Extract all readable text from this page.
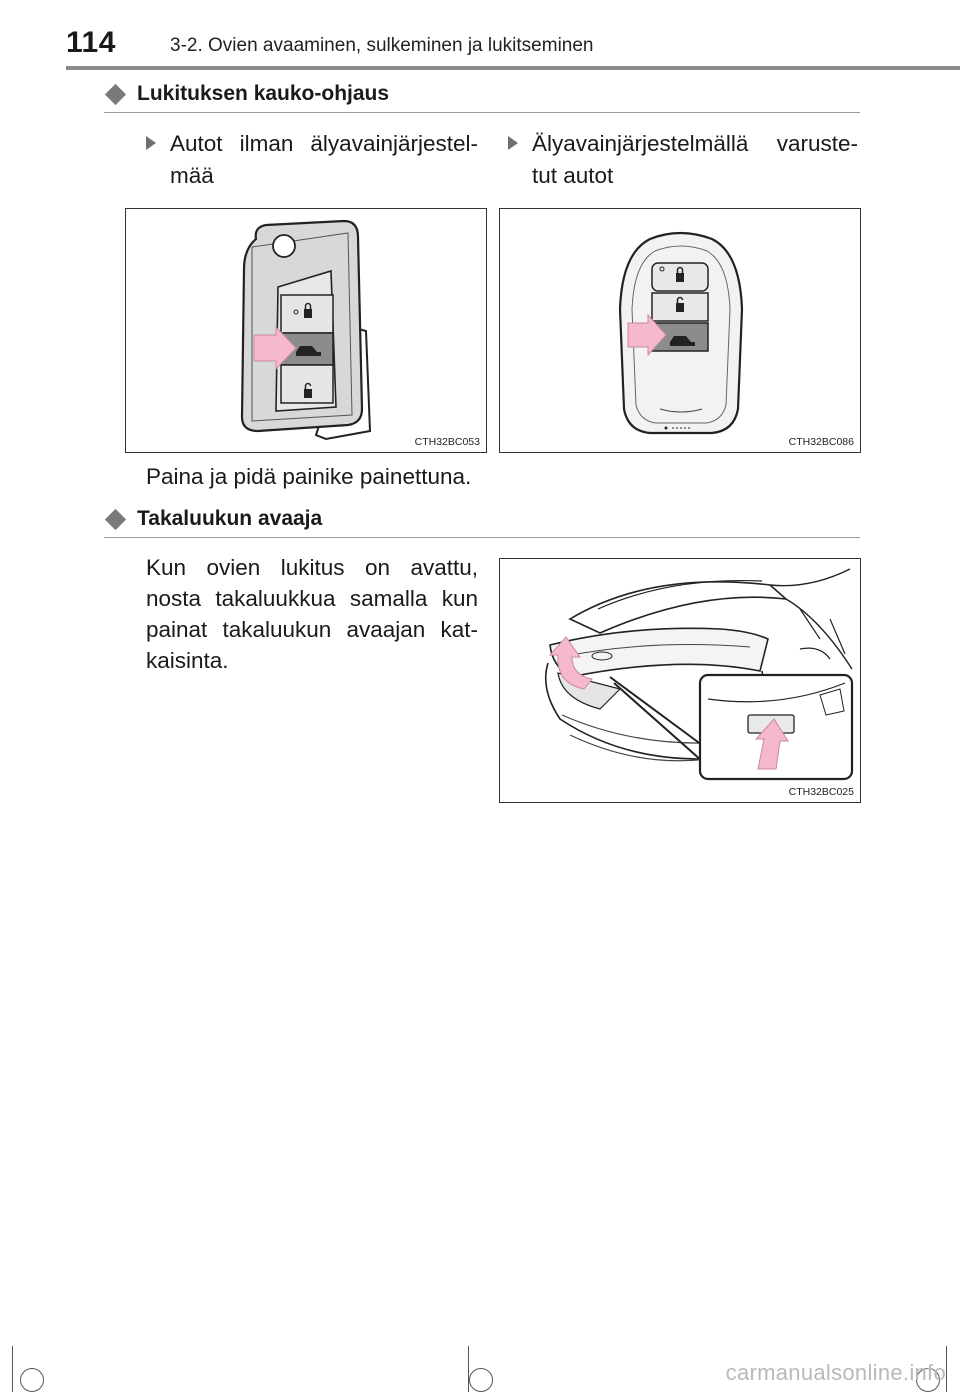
114	3-2. Ovien avaaminen, sulkeminen ja lukitseminen
Lukituksen kauko-ohjaus
Autot ilman älyavainjärjestel-mää
Älyavainjärjestelmällä varuste-tut autot
CTH32BC053	CTH32BC086
Paina ja pidä painike painettuna.
Takaluukun avaaja
Kun ovien lukitus on avattu, nosta takaluukkua samalla kun painat takaluukun avaajan kat-kaisinta.
CTH32BC025
carmanualsonline.info
